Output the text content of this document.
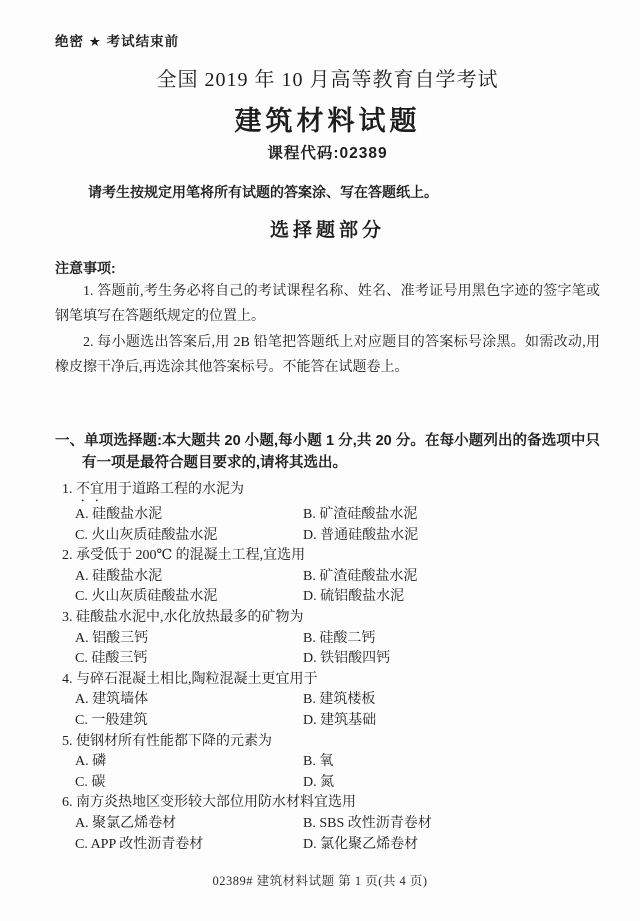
绝密 ★ 考试结束前
全国 2019 年 10 月高等教育自学考试
建筑材料试题
课程代码:02389
请考生按规定用笔将所有试题的答案涂、写在答题纸上。
选择题部分
注意事项:
1. 答题前,考生务必将自己的考试课程名称、姓名、准考证号用黑色字迹的签字笔或钢笔填写在答题纸规定的位置上。
2. 每小题选出答案后,用 2B 铅笔把答题纸上对应题目的答案标号涂黑。如需改动,用橡皮擦干净后,再选涂其他答案标号。不能答在试题卷上。
一、单项选择题:本大题共 20 小题,每小题 1 分,共 20 分。在每小题列出的备选项中只有一项是最符合题目要求的,请将其选出。
1. 不宜用于道路工程的水泥为
A. 硅酸盐水泥	B. 矿渣硅酸盐水泥
C. 火山灰质硅酸盐水泥	D. 普通硅酸盐水泥
2. 承受低于 200℃ 的混凝土工程,宜选用
A. 硅酸盐水泥	B. 矿渣硅酸盐水泥
C. 火山灰质硅酸盐水泥	D. 硫铝酸盐水泥
3. 硅酸盐水泥中,水化放热最多的矿物为
A. 铝酸三钙	B. 硅酸二钙
C. 硅酸三钙	D. 铁铝酸四钙
4. 与碎石混凝土相比,陶粒混凝土更宜用于
A. 建筑墙体	B. 建筑楼板
C. 一般建筑	D. 建筑基础
5. 使钢材所有性能都下降的元素为
A. 磷	B. 氧
C. 碳	D. 氮
6. 南方炎热地区变形较大部位用防水材料宜选用
A. 聚氯乙烯卷材	B. SBS 改性沥青卷材
C. APP 改性沥青卷材	D. 氯化聚乙烯卷材
02389# 建筑材料试题 第 1 页(共 4 页)
